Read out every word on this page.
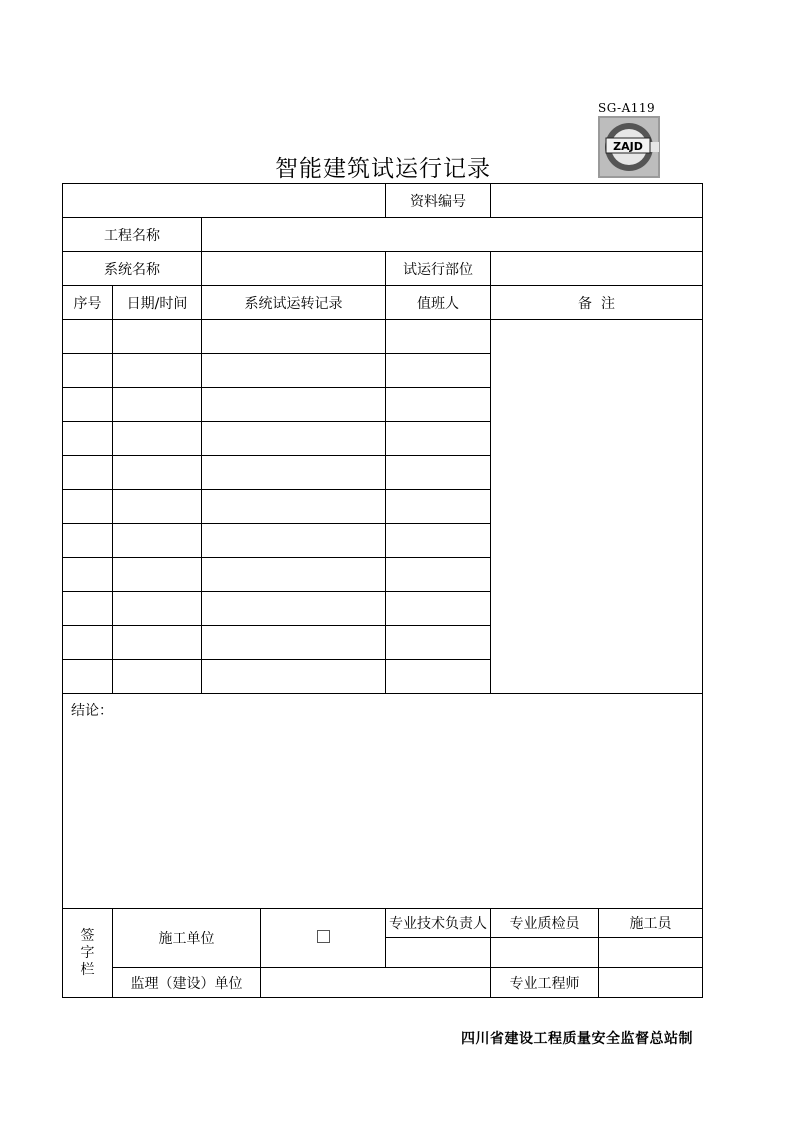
SG-A119
ZAJD
智能建筑试运行记录
				资料编号		
工程名称						
系统名称				试运行部位		
序号	日期/时间	系统试运转记录		值班人	备  注	

结论：						

签
字
栏	施工单位			专业技术负责人	专业质检员	施工员

	监理（建设）单位				专业工程师	
四川省建设工程质量安全监督总站制
